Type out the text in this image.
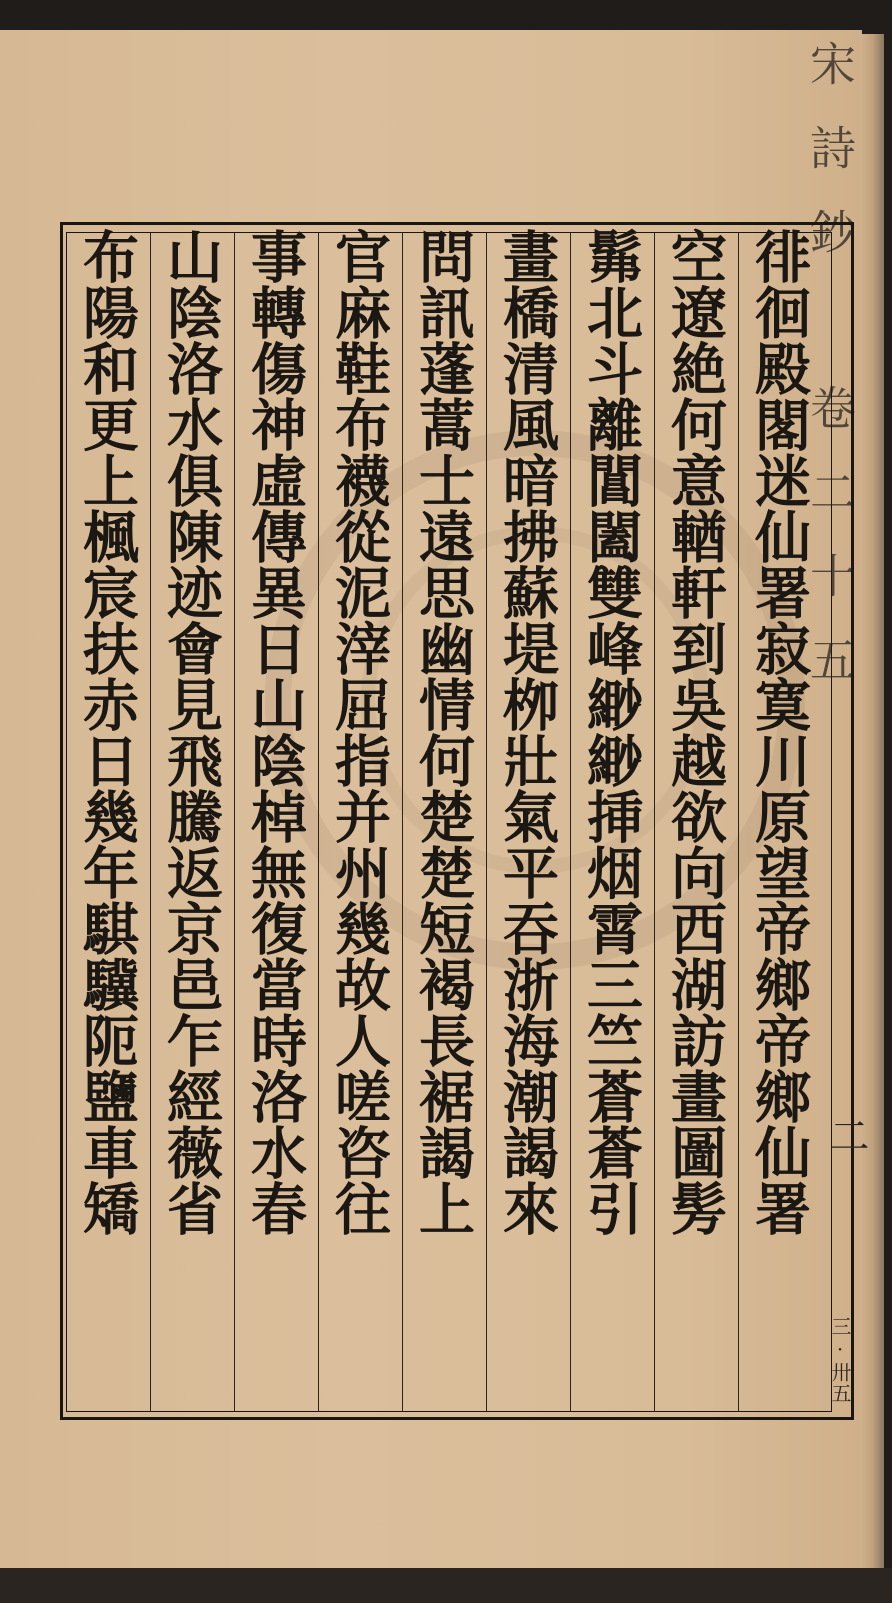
宋詩鈔 卷二十五
徘徊殿閣迷仙署寂寞川原望帝鄉帝鄉仙署
空遼絶何意輶軒到吳越欲向西湖訪畫圖髣
髴北斗離閶闔雙峰緲緲挿烟霄三竺蒼蒼引
畫橋清風暗拂蘇堤栁壯氣平吞浙海潮謁來
問訊蓬蒿士遠思幽情何楚楚短褐長裾謁上
官麻鞋布襪從泥滓屈指并州幾故人嗟咨往
事轉傷神虛傳異日山陰棹無復當時洛水春
山陰洛水俱陳迹會見飛騰返京邑乍經薇省
布陽和更上楓宸扶赤日幾年騏驥阨鹽車矯	二
三·卅五
